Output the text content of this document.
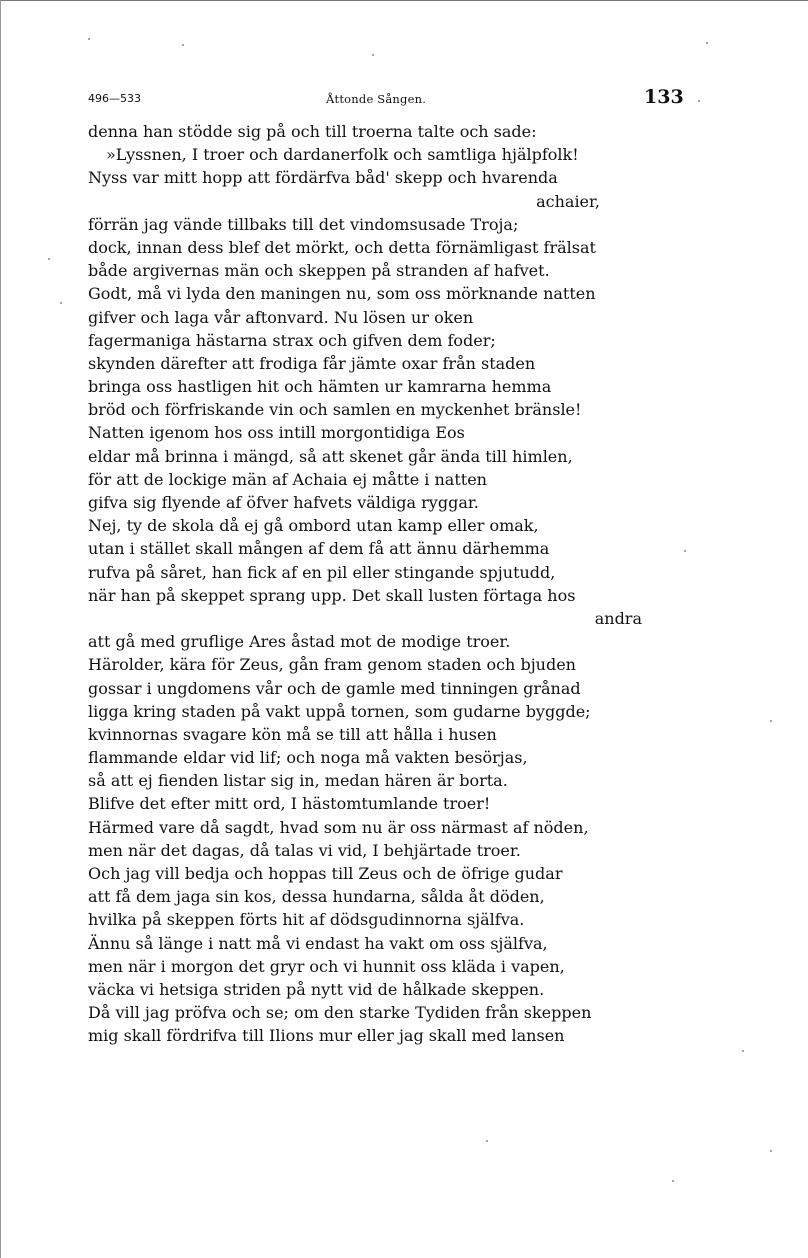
496—533	Åttonde Sången.	133
denna han stödde sig på och till troerna talte och sade:
»Lyssnen, I troer och dardanerfolk och samtliga hjälpfolk!
Nyss var mitt hopp att fördärfva båd' skepp och hvarenda
achaier,
förrän jag vände tillbaks till det vindomsusade Troja;
dock, innan dess blef det mörkt, och detta förnämligast frälsat
både argivernas män och skeppen på stranden af hafvet.
Godt, må vi lyda den maningen nu, som oss mörknande natten
gifver och laga vår aftonvard. Nu lösen ur oken
fagermaniga hästarna strax och gifven dem foder;
skynden därefter att frodiga får jämte oxar från staden
bringa oss hastligen hit och hämten ur kamrarna hemma
bröd och förfriskande vin och samlen en myckenhet bränsle!
Natten igenom hos oss intill morgontidiga Eos
eldar må brinna i mängd, så att skenet går ända till himlen,
för att de lockige män af Achaia ej måtte i natten
gifva sig flyende af öfver hafvets väldiga ryggar.
Nej, ty de skola då ej gå ombord utan kamp eller omak,
utan i stället skall mången af dem få att ännu därhemma
rufva på såret, han fick af en pil eller stingande spjutudd,
när han på skeppet sprang upp. Det skall lusten förtaga hos
andra
att gå med gruflige Ares åstad mot de modige troer.
Härolder, kära för Zeus, gån fram genom staden och bjuden
gossar i ungdomens vår och de gamle med tinningen grånad
ligga kring staden på vakt uppå tornen, som gudarne byggde;
kvinnornas svagare kön må se till att hålla i husen
flammande eldar vid lif; och noga må vakten besörjas,
så att ej fienden listar sig in, medan hären är borta.
Blifve det efter mitt ord, I hästomtumlande troer!
Härmed vare då sagdt, hvad som nu är oss närmast af nöden,
men när det dagas, då talas vi vid, I behjärtade troer.
Och jag vill bedja och hoppas till Zeus och de öfrige gudar
att få dem jaga sin kos, dessa hundarna, sålda åt döden,
hvilka på skeppen förts hit af dödsgudinnorna själfva.
Ännu så länge i natt må vi endast ha vakt om oss själfva,
men när i morgon det gryr och vi hunnit oss kläda i vapen,
väcka vi hetsiga striden på nytt vid de hålkade skeppen.
Då vill jag pröfva och se; om den starke Tydiden från skeppen
mig skall fördrifva till Ilions mur eller jag skall med lansen
